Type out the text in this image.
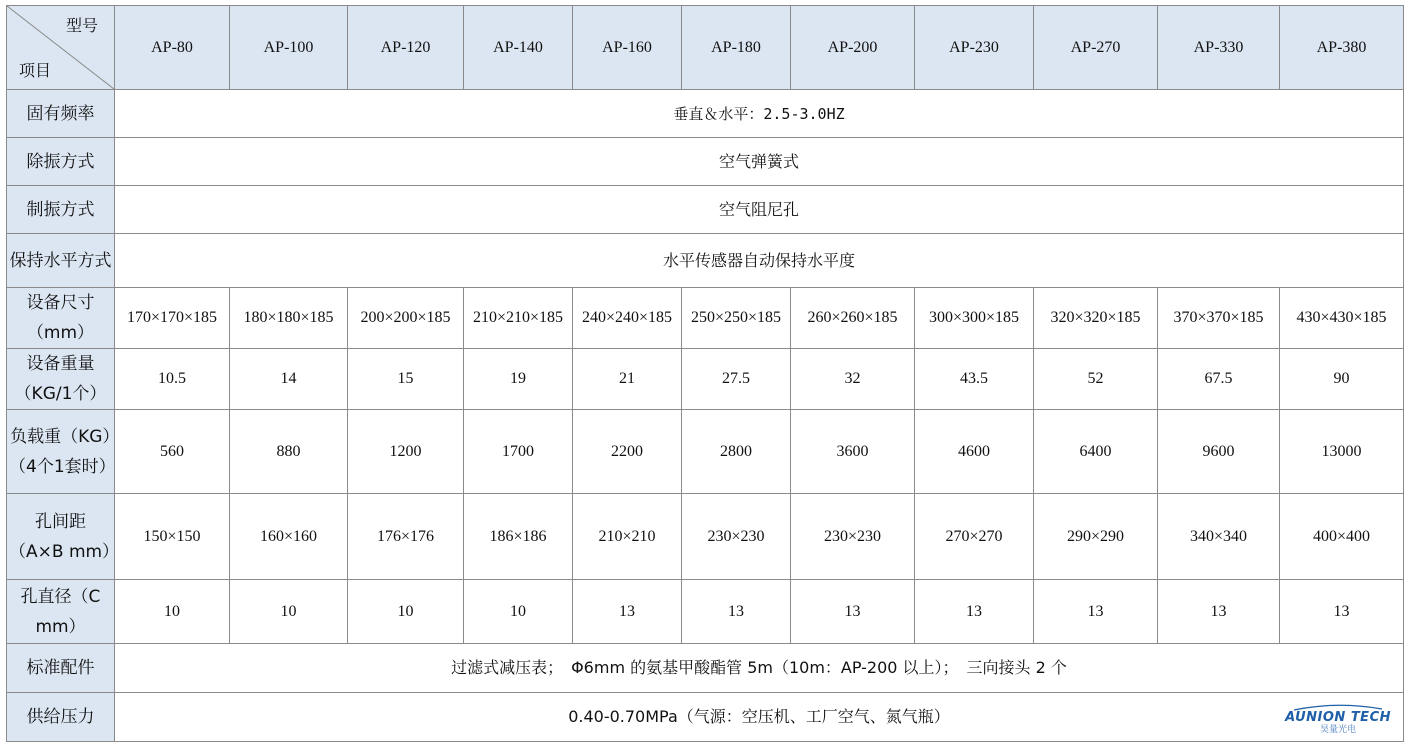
型号
项目	AP-80	AP-100	AP-120	AP-140	AP-160	AP-180	AP-200	AP-230	AP-270	AP-330	AP-380
固有频率	垂直＆水平：2.5-3.0HZ										
除振方式	空气弹簧式										
制振方式	空气阻尼孔										
保持水平方式	水平传感器自动保持水平度										
设备尺寸（mm）	170×170×185	180×180×185	200×200×185	210×210×185	240×240×185	250×250×185	260×260×185	300×300×185	320×320×185	370×370×185	430×430×185
设备重量（KG/1个）	10.5	14	15	19	21	27.5	32	43.5	52	67.5	90
负载重（KG）（4个1套时）	560	880	1200	1700	2200	2800	3600	4600	6400	9600	13000
孔间距（A×B mm）	150×150	160×160	176×176	186×186	210×210	230×230	230×230	270×270	290×290	340×340	400×400
孔直径（C mm）	10	10	10	10	13	13	13	13	13	13	13
标准配件	过滤式减压表；　Φ6mm 的氨基甲酸酯管 5m（10m：AP-200 以上）；　三向接头 2 个										
供给压力	0.40-0.70MPa（气源：空压机、工厂空气、氮气瓶） AUNION TECH
昊量光电										
